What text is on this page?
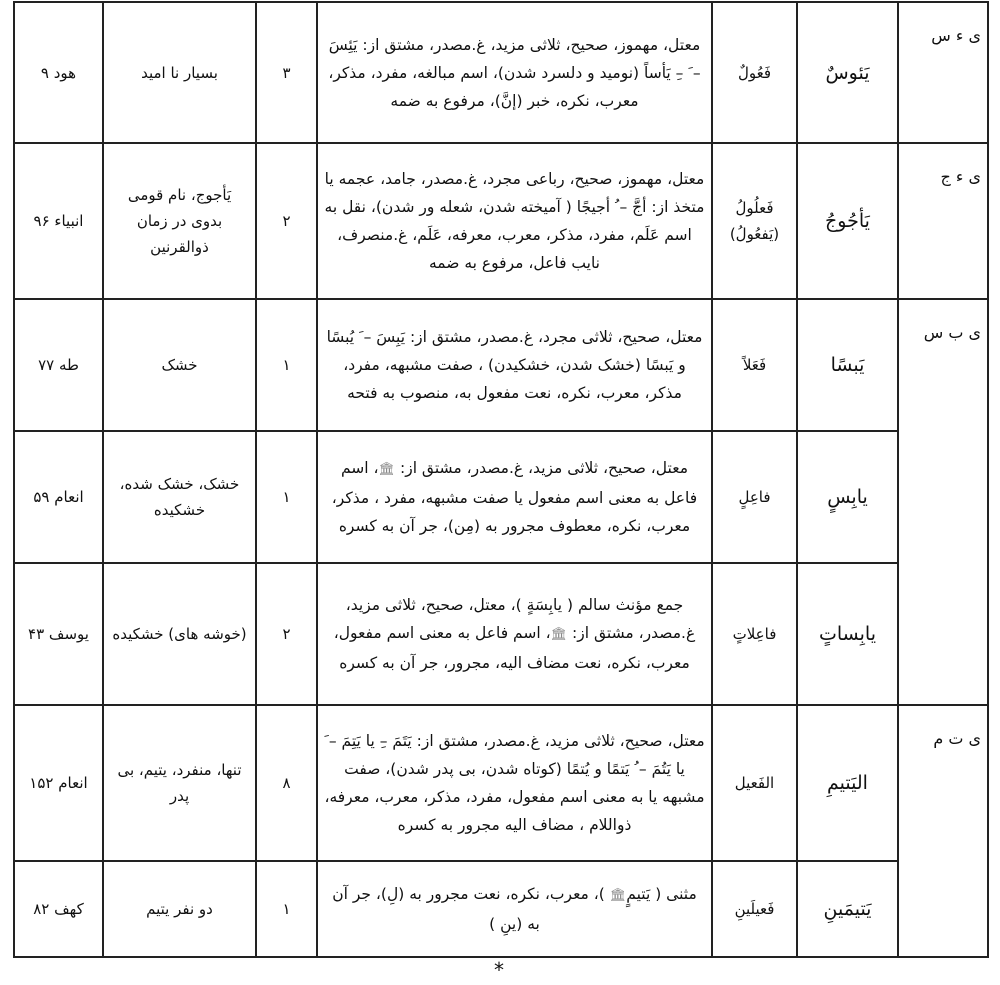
ی ء س	یَئوسٌ	فَعُولٌ	معتل، مهموز، صحیح، ثلاثی مزید، غ.مصدر، مشتق از: یَئِسَ – َ –ِ یَأساً (نومید و دلسرد شدن)، اسم مبالغه، مفرد، مذکر، معرب، نکره، خبر (إنَّ)، مرفوع به ضمه	۳	بسیار نا امید	هود ۹
ی ء ج	یَأجُوجُ	فَعلُولُ (یَفعُولُ)	معتل، مهموز، صحیح، رباعی مجرد، غ.مصدر، جامد، عجمه یا متخذ از: أجَّ – ُ أجیجًا ( آمیخته شدن، شعله ور شدن)، نقل به اسم عَلَم، مفرد، مذکر، معرب، معرفه، عَلَم، غ.منصرف، نایب فاعل، مرفوع به ضمه	۲	یَأجوج، نام قومی بدوی در زمان ذوالقرنین	انبیاء ۹۶
ی ب س	یَبسًا	فَعَلاً	معتل، صحیح، ثلاثی مجرد، غ.مصدر، مشتق از: یَبِسَ – َ یُبسًا و یَبسًا (خشک شدن، خشکیدن) ، صفت مشبهه، مفرد، مذکر، معرب، نکره، نعت مفعول به، منصوب به فتحه	۱	خشک	طه ۷۷
	یابِسٍ	فاعِلٍ	معتل، صحیح، ثلاثی مزید، غ.مصدر، مشتق از: 🏛، اسم فاعل به معنی اسم مفعول یا صفت مشبهه، مفرد ، مذکر، معرب، نکره، معطوف مجرور به (مِن)، جر آن به کسره	۱	خشک، خشک شده، خشکیده	انعام ۵۹
	یابِساتٍ	فاعِلاتٍ	جمع مؤنث سالم ( یابِسَةٍ )، معتل، صحیح، ثلاثی مزید، غ.مصدر، مشتق از: 🏛، اسم فاعل به معنی اسم مفعول، معرب، نکره، نعت مضاف الیه، مجرور، جر آن به کسره	۲	(خوشه های) خشکیده	یوسف ۴۳
ی ت م	الیَتیمِ	الفَعیل	معتل، صحیح، ثلاثی مزید، غ.مصدر، مشتق از: یَتَمَ –ِ یا یَتِمَ – َ یا یَتُمَ – ُ یَتمًا و یُتمًا (کوتاه شدن، بی پدر شدن)، صفت مشبهه یا به معنی اسم مفعول، مفرد، مذکر، معرب، معرفه، ذواللام ، مضاف الیه مجرور به کسره	۸	تنها، منفرد، یتیم، بی پدر	انعام ۱۵۲
	یَتیمَینِ	فَعیلَینِ	مثنی ( یَتیمٍ🏛 )، معرب، نکره، نعت مجرور به (لِ)، جر آن به (ینِ )	۱	دو نفر یتیم	کهف ۸۲
*
